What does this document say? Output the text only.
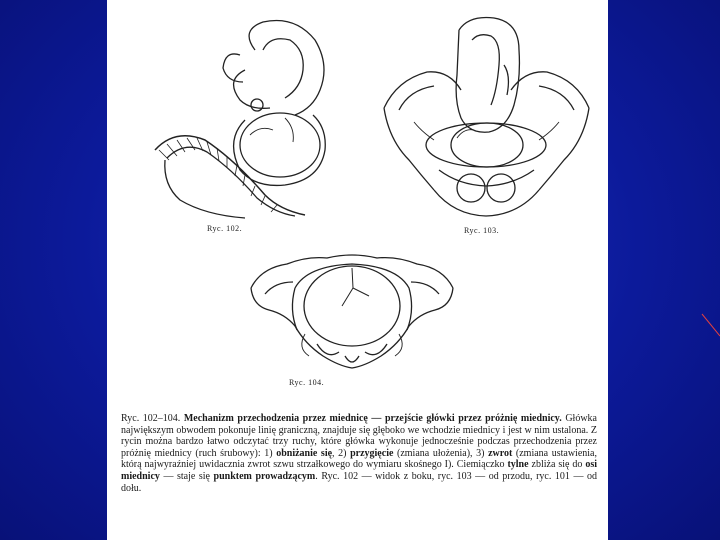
Ryc. 102.	Ryc. 103.
Ryc. 104.

Ryc. 102–104. Mechanizm przechodzenia przez miednicę — przejście główki przez próżnię miednicy. Główka największym obwodem pokonuje linię graniczną, znajduje się głęboko we wchodzie miednicy i jest w nim ustalona. Z rycin można bardzo łatwo odczytać trzy ruchy, które główka wykonuje jednocześnie podczas przechodzenia przez próżnię miednicy (ruch śrubowy): 1) obniżanie się, 2) przygięcie (zmiana ułożenia), 3) zwrot (zmiana ustawienia, którą najwyraźniej uwidacznia zwrot szwu strzałkowego do wymiaru skośnego I). Ciemiączko tylne zbliża się do osi miednicy — staje się punktem prowadzącym. Ryc. 102 — widok z boku, ryc. 103 — od przodu, ryc. 101 — od dołu.
